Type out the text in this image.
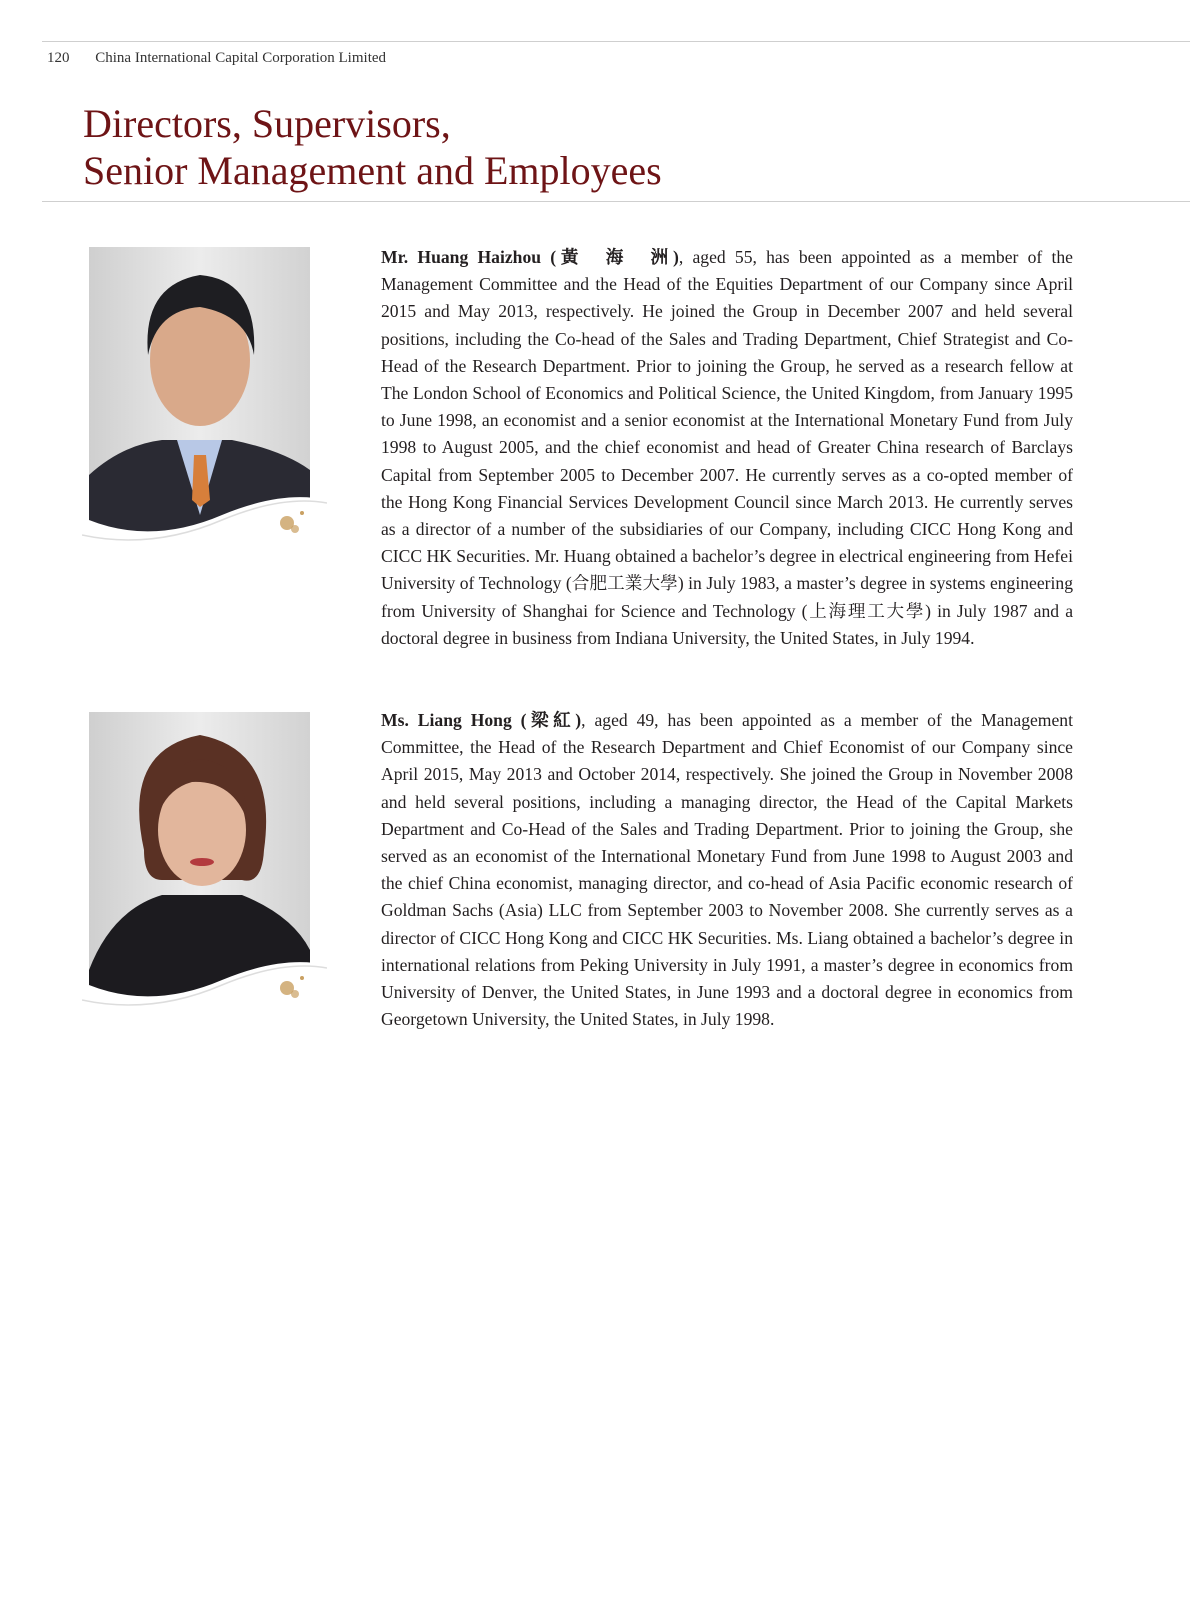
120 China International Capital Corporation Limited
Directors, Supervisors,
Senior Management and Employees

Mr. Huang Haizhou (黃　海　洲), aged 55, has been appointed as a member of the Management Committee and the Head of the Equities Department of our Company since April 2015 and May 2013, respectively. He joined the Group in December 2007 and held several positions, including the Co-head of the Sales and Trading Department, Chief Strategist and Co-Head of the Research Department. Prior to joining the Group, he served as a research fellow at The London School of Economics and Political Science, the United Kingdom, from January 1995 to June 1998, an economist and a senior economist at the International Monetary Fund from July 1998 to August 2005, and the chief economist and head of Greater China research of Barclays Capital from September 2005 to December 2007. He currently serves as a co-opted member of the Hong Kong Financial Services Development Council since March 2013. He currently serves as a director of a number of the subsidiaries of our Company, including CICC Hong Kong and CICC HK Securities. Mr. Huang obtained a bachelor’s degree in electrical engineering from Hefei University of Technology (合肥工業大學) in July 1983, a master’s degree in systems engineering from University of Shanghai for Science and Technology (上海理工大學) in July 1987 and a doctoral degree in business from Indiana University, the United States, in July 1994.

Ms. Liang Hong (梁紅), aged 49, has been appointed as a member of the Management Committee, the Head of the Research Department and Chief Economist of our Company since April 2015, May 2013 and October 2014, respectively. She joined the Group in November 2008 and held several positions, including a managing director, the Head of the Capital Markets Department and Co-Head of the Sales and Trading Department. Prior to joining the Group, she served as an economist of the International Monetary Fund from June 1998 to August 2003 and the chief China economist, managing director, and co-head of Asia Pacific economic research of Goldman Sachs (Asia) LLC from September 2003 to November 2008. She currently serves as a director of CICC Hong Kong and CICC HK Securities. Ms. Liang obtained a bachelor’s degree in international relations from Peking University in July 1991, a master’s degree in economics from University of Denver, the United States, in June 1993 and a doctoral degree in economics from Georgetown University, the United States, in July 1998.
